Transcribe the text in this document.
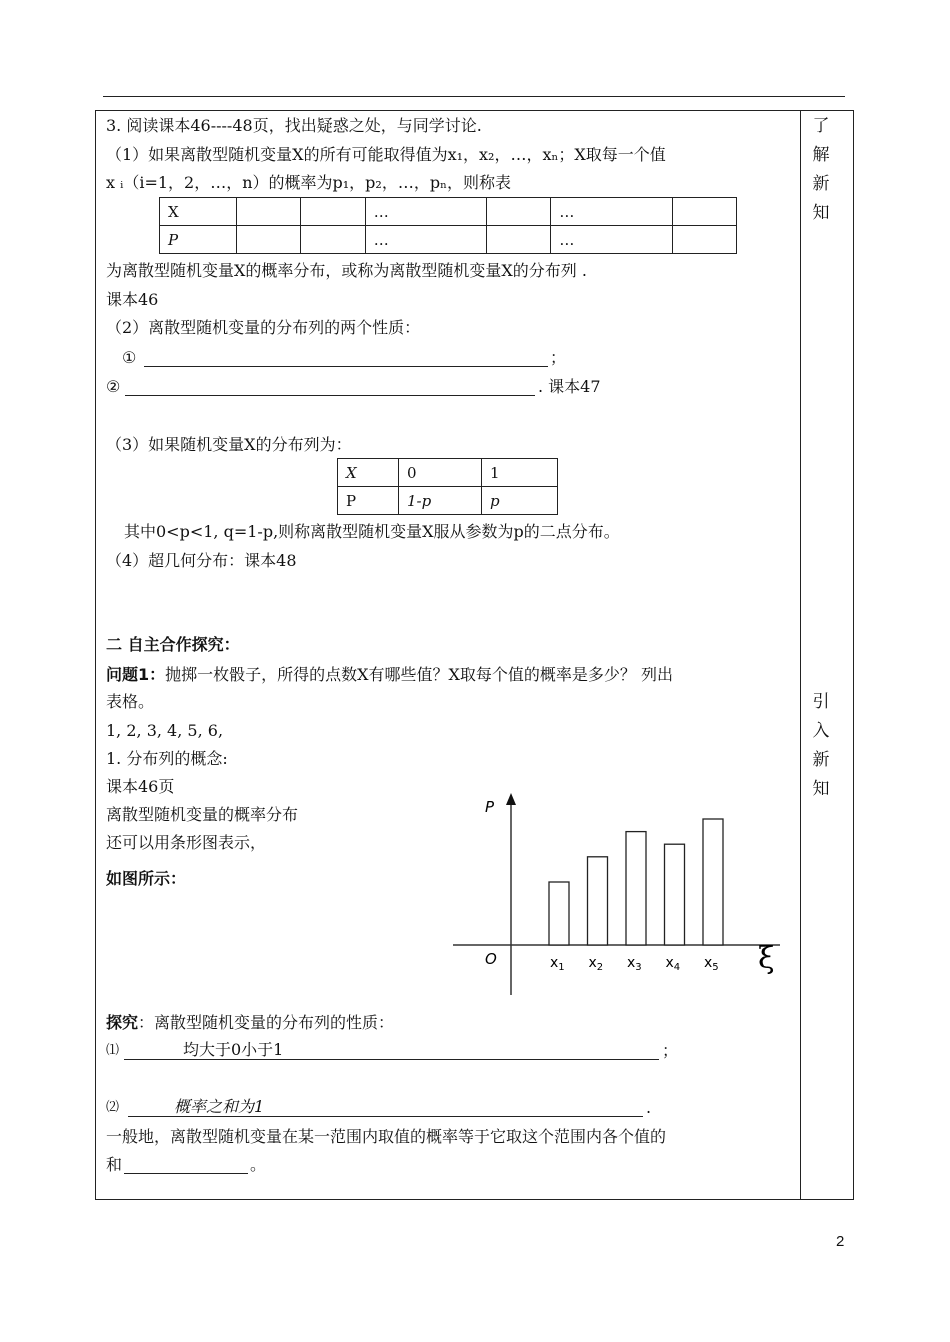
了解新知
引入新知
3. 阅读课本46----48页，找出疑惑之处，与同学讨论.
（1）如果离散型随机变量X的所有可能取得值为x₁，x₂，…，xₙ；X取每一个值
x ᵢ（i=1，2，…，n）的概率为p₁，p₂，…，pₙ，则称表
X			…		…	
P			…		…	
为离散型随机变量X的概率分布，或称为离散型随机变量X的分布列 .
课本46
（2）离散型随机变量的分布列的两个性质：
①	；
②	. 课本47
（3）如果随机变量X的分布列为：
X	0	1
P	1-p	p
其中0<p<1, q=1-p,则称离散型随机变量X服从参数为p的二点分布。
（4）超几何分布：课本48
二 自主合作探究：
问题1：抛掷一枚骰子，所得的点数X有哪些值？X取每个值的概率是多少？ 列出
表格。
1, 2, 3, 4, 5, 6,
1. 分布列的概念:
课本46页
离散型随机变量的概率分布
还可以用条形图表示，
如图所示：
P
O	ξ
$x_1$ $x_2$ $x_3$ $x_4$ $x_5$
探究：离散型随机变量的分布列的性质：
⑴	均大于0小于1	；
⑵	概率之和为1	.
一般地，离散型随机变量在某一范围内取值的概率等于它取这个范围内各个值的
和	。
2
